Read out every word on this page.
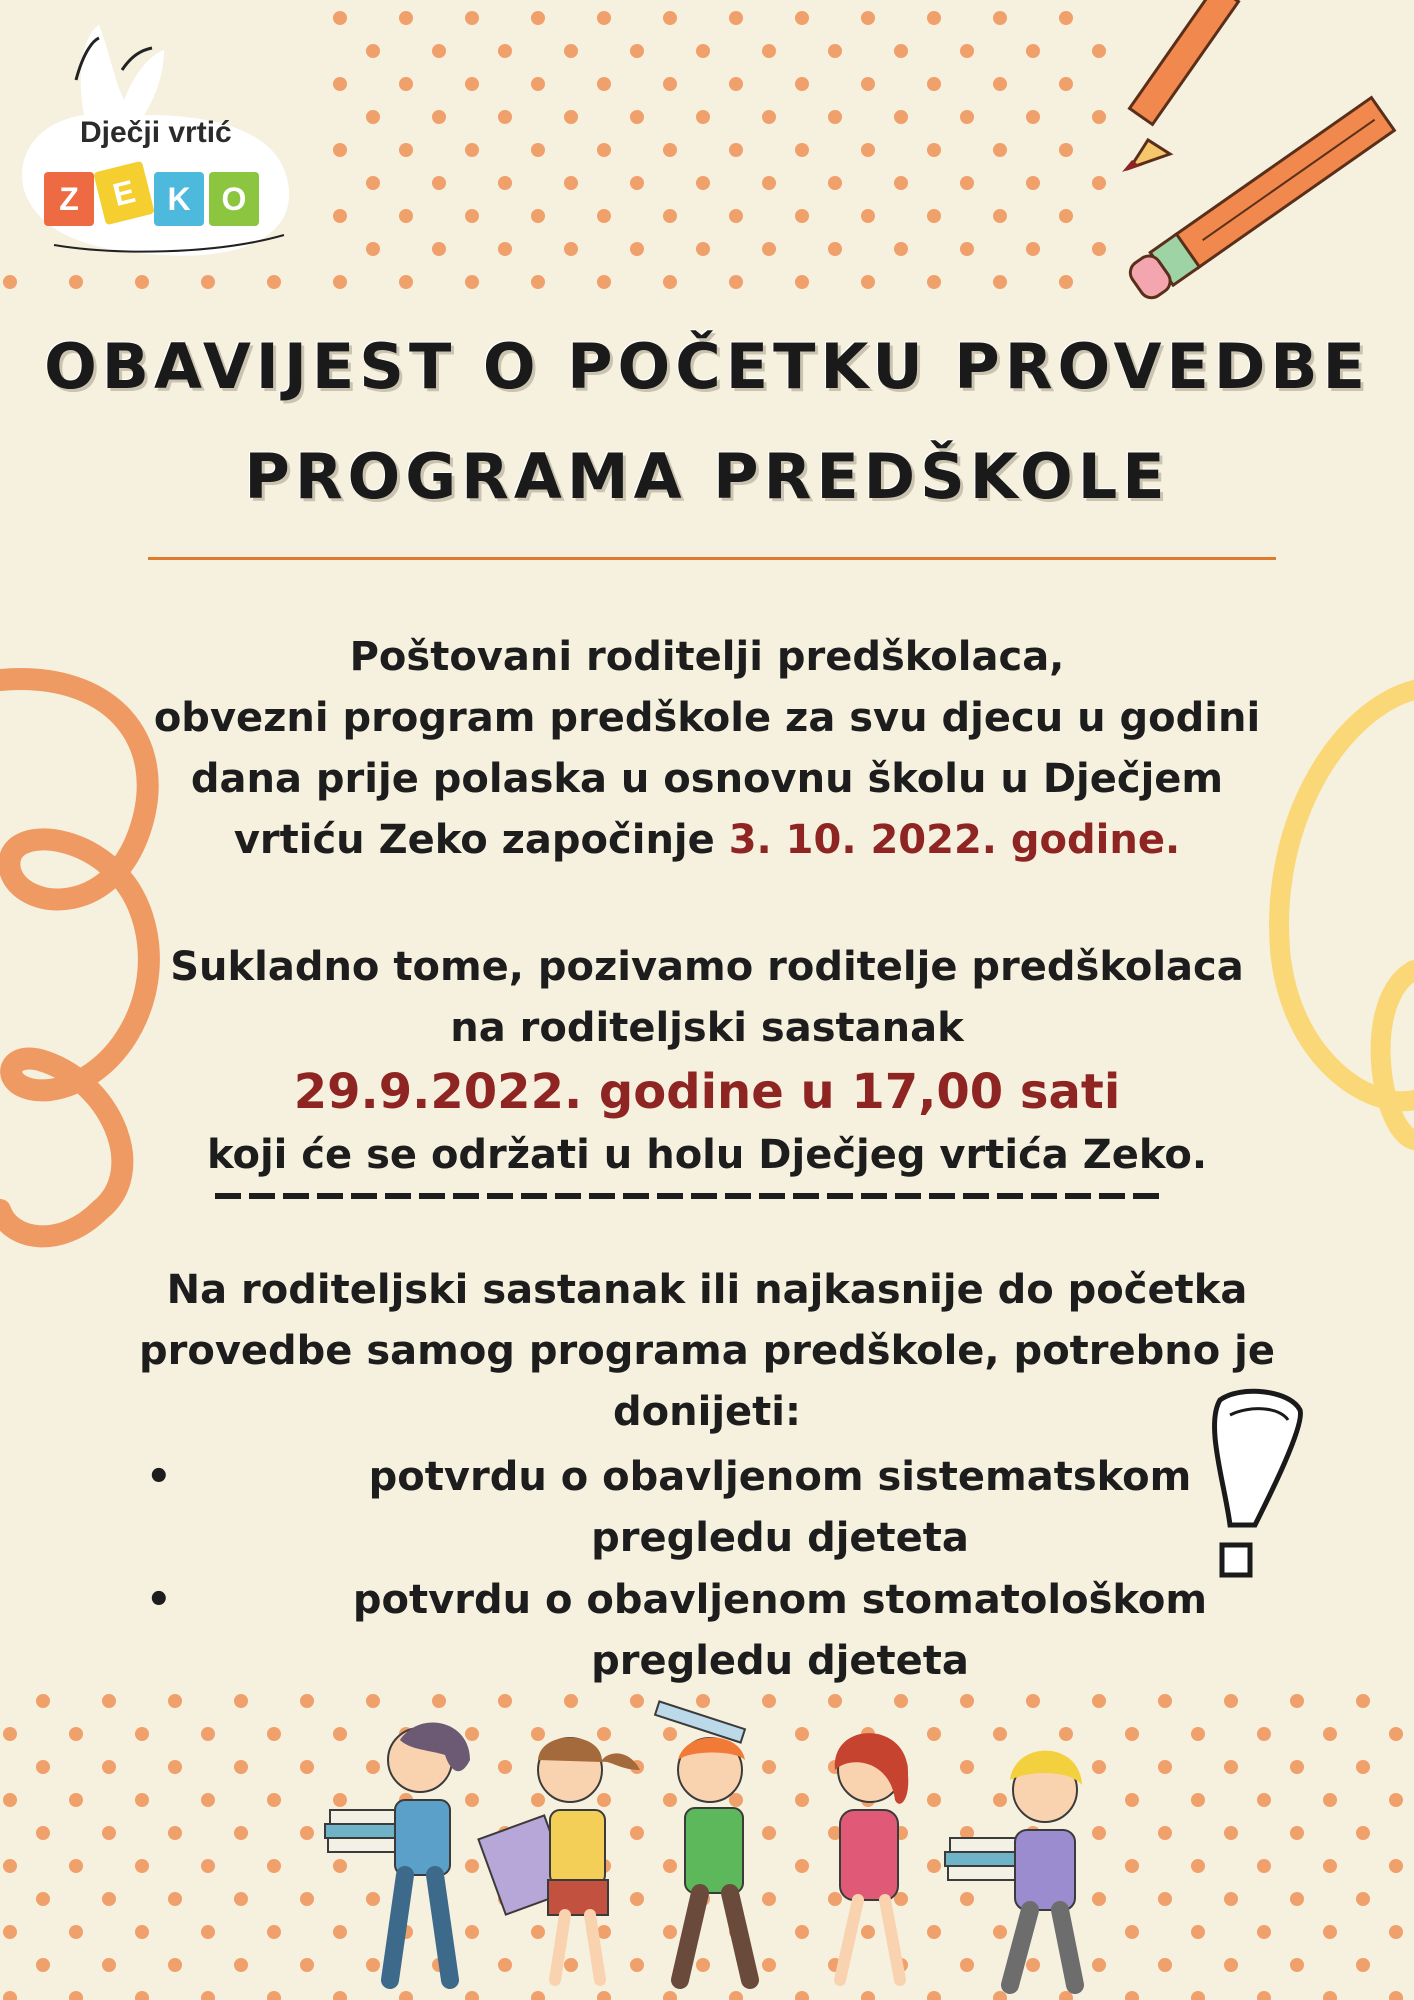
Dječji vrtić
Z E K O
OBAVIJEST O POČETKU PROVEDBE
PROGRAMA PREDŠKOLE
Poštovani roditelji predškolaca,
obvezni program predškole za svu djecu u godini
dana prije polaska u osnovnu školu u Dječjem
vrtiću Zeko započinje 3. 10. 2022. godine.
Sukladno tome, pozivamo roditelje predškolaca
na roditeljski sastanak
29.9.2022. godine u 17,00 sati
koji će se održati u holu Dječjeg vrtića Zeko.
Na roditeljski sastanak ili najkasnije do početka
provedbe samog programa predškole, potrebno je
donijeti:
•	potvrdu o obavljenom sistematskom
pregledu djeteta
•	potvrdu o obavljenom stomatološkom
pregledu djeteta
